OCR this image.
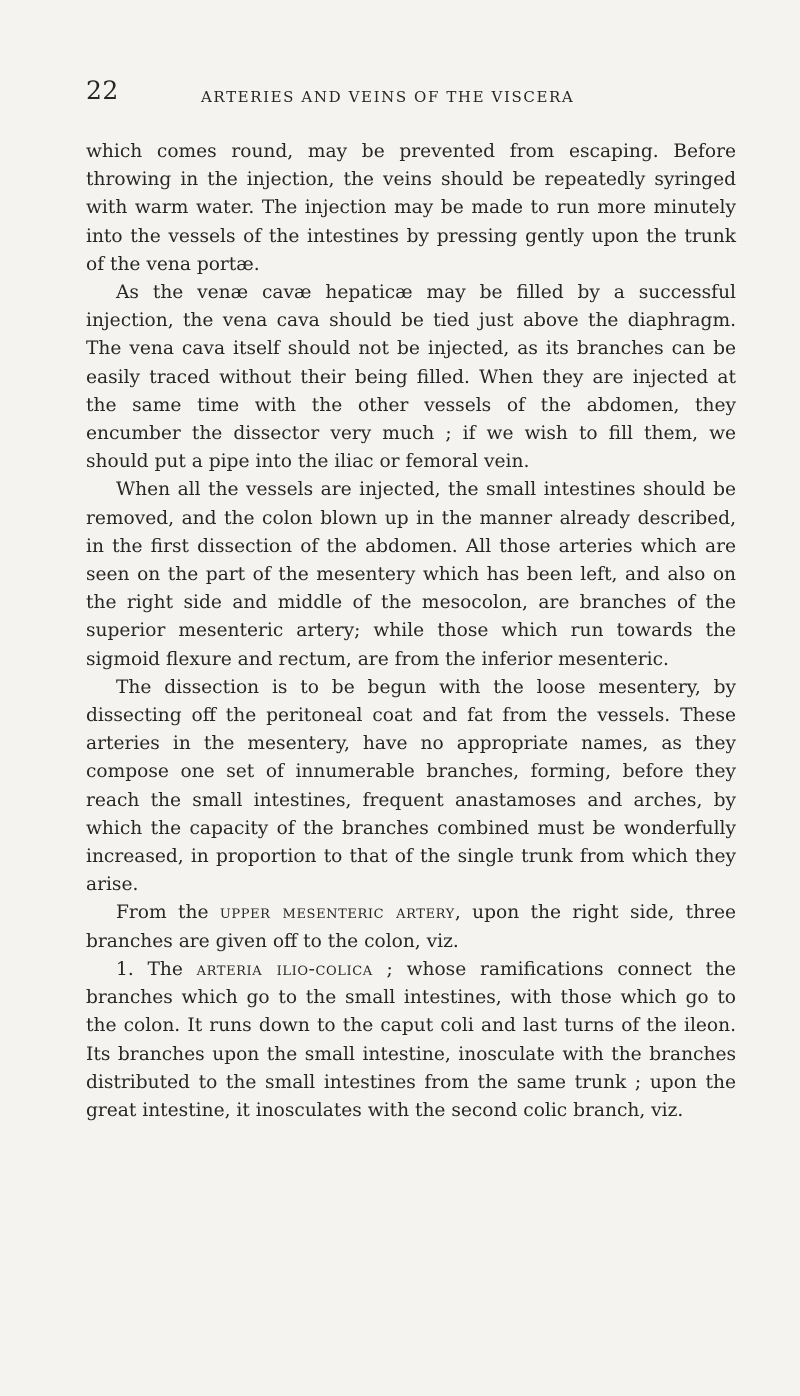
22	ARTERIES AND VEINS OF THE VISCERA

which comes round, may be prevented from escaping. Before throwing in the injection, the veins should be repeatedly syringed with warm water. The injection may be made to run more minutely into the vessels of the intestines by pressing gently upon the trunk of the vena portæ.

As the venæ cavæ hepaticæ may be filled by a successful injection, the vena cava should be tied just above the diaphragm. The vena cava itself should not be injected, as its branches can be easily traced without their being filled. When they are injected at the same time with the other vessels of the abdomen, they encumber the dissector very much ; if we wish to fill them, we should put a pipe into the iliac or femoral vein.

When all the vessels are injected, the small intestines should be removed, and the colon blown up in the manner already described, in the first dissection of the abdomen. All those arteries which are seen on the part of the mesentery which has been left, and also on the right side and middle of the mesocolon, are branches of the superior mesenteric artery; while those which run towards the sigmoid flexure and rectum, are from the inferior mesenteric.

The dissection is to be begun with the loose mesentery, by dissecting off the peritoneal coat and fat from the vessels. These arteries in the mesentery, have no appropriate names, as they compose one set of innumerable branches, forming, before they reach the small intestines, frequent anastamoses and arches, by which the capacity of the branches combined must be wonderfully increased, in proportion to that of the single trunk from which they arise.

From the upper mesenteric artery, upon the right side, three branches are given off to the colon, viz.

1. The arteria ilio-colica ; whose ramifications connect the branches which go to the small intestines, with those which go to the colon. It runs down to the caput coli and last turns of the ileon. Its branches upon the small intestine, inosculate with the branches distributed to the small intestines from the same trunk ; upon the great intestine, it inosculates with the second colic branch, viz.
